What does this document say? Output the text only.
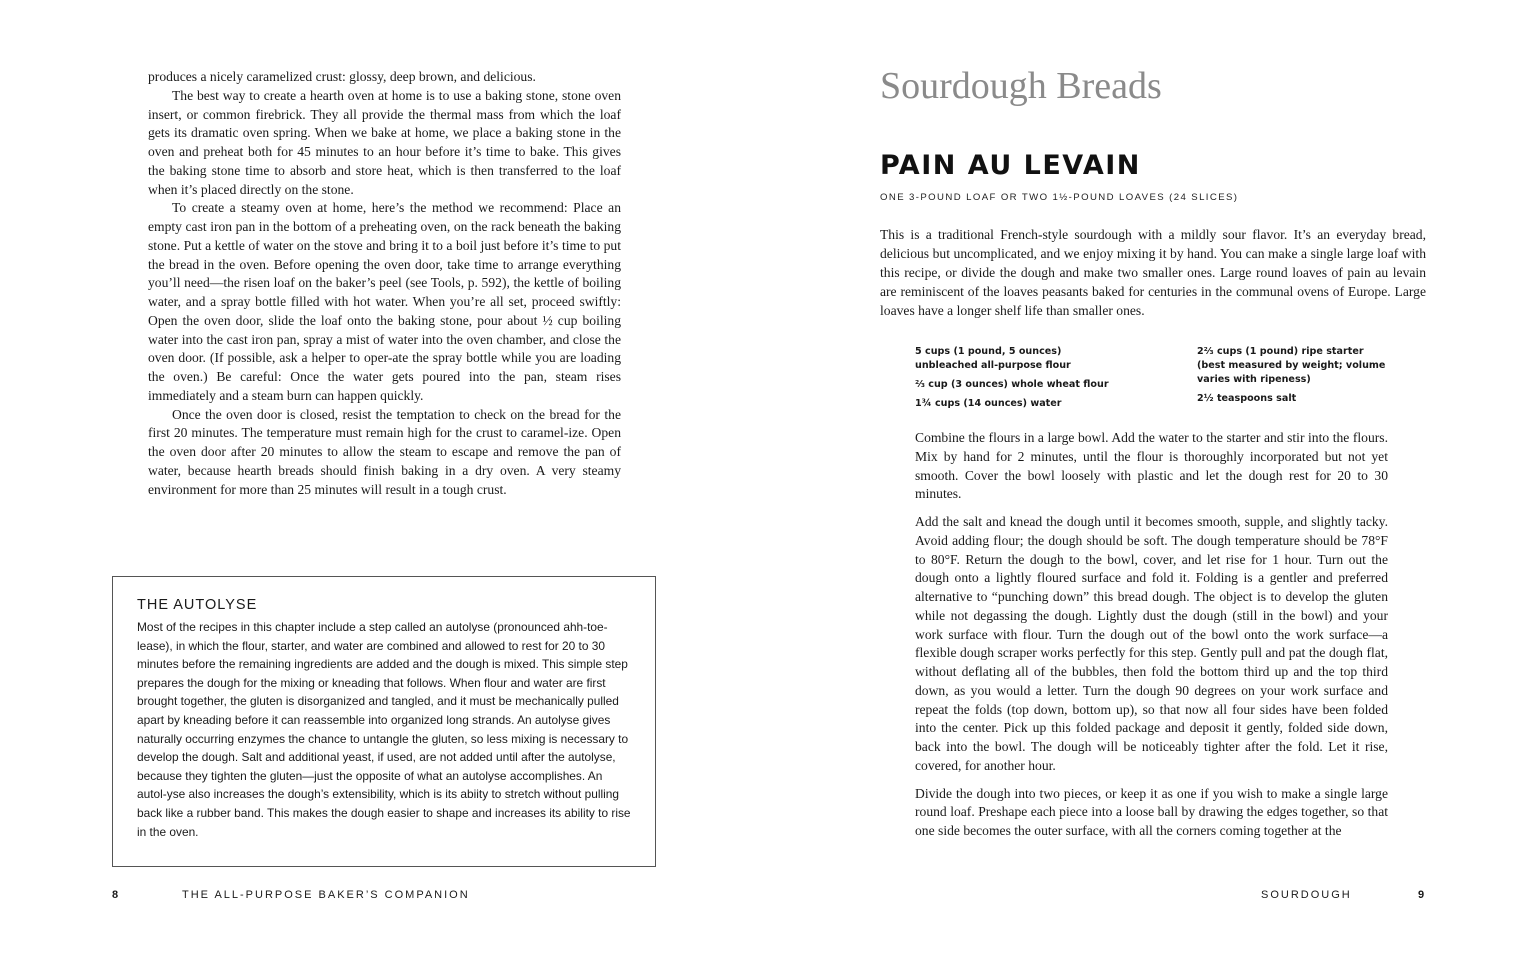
produces a nicely caramelized crust: glossy, deep brown, and delicious.

The best way to create a hearth oven at home is to use a baking stone, stone oven insert, or common firebrick. They all provide the thermal mass from which the loaf gets its dramatic oven spring. When we bake at home, we place a baking stone in the oven and preheat both for 45 minutes to an hour before it’s time to bake. This gives the baking stone time to absorb and store heat, which is then transferred to the loaf when it’s placed directly on the stone.

To create a steamy oven at home, here’s the method we recommend: Place an empty cast iron pan in the bottom of a preheating oven, on the rack beneath the baking stone. Put a kettle of water on the stove and bring it to a boil just before it’s time to put the bread in the oven. Before opening the oven door, take time to arrange everything you’ll need—the risen loaf on the baker’s peel (see Tools, p. 592), the kettle of boiling water, and a spray bottle filled with hot water. When you’re all set, proceed swiftly: Open the oven door, slide the loaf onto the baking stone, pour about ½ cup boiling water into the cast iron pan, spray a mist of water into the oven chamber, and close the oven door. (If possible, ask a helper to oper-ate the spray bottle while you are loading the oven.) Be careful: Once the water gets poured into the pan, steam rises immediately and a steam burn can happen quickly.

Once the oven door is closed, resist the temptation to check on the bread for the first 20 minutes. The temperature must remain high for the crust to caramel-ize. Open the oven door after 20 minutes to allow the steam to escape and remove the pan of water, because hearth breads should finish baking in a dry oven. A very steamy environment for more than 25 minutes will result in a tough crust.

THE AUTOLYSE
Most of the recipes in this chapter include a step called an autolyse (pronounced ahh-toe-lease), in which the flour, starter, and water are combined and allowed to rest for 20 to 30 minutes before the remaining ingredients are added and the dough is mixed. This simple step prepares the dough for the mixing or kneading that follows. When flour and water are first brought together, the gluten is disorganized and tangled, and it must be mechanically pulled apart by kneading before it can reassemble into organized long strands. An autolyse gives naturally occurring enzymes the chance to untangle the gluten, so less mixing is necessary to develop the dough. Salt and additional yeast, if used, are not added until after the autolyse, because they tighten the gluten—just the opposite of what an autolyse accomplishes. An autol-yse also increases the dough’s extensibility, which is its abiity to stretch without pulling back like a rubber band. This makes the dough easier to shape and increases its ability to rise in the oven.
8	THE ALL-PURPOSE BAKER’S COMPANION
Sourdough Breads
PAIN AU LEVAIN
ONE 3-POUND LOAF OR TWO 1½-POUND LOAVES (24 SLICES)
This is a traditional French-style sourdough with a mildly sour flavor. It’s an everyday bread, delicious but uncomplicated, and we enjoy mixing it by hand. You can make a single large loaf with this recipe, or divide the dough and make two smaller ones. Large round loaves of pain au levain are reminiscent of the loaves peasants baked for centuries in the communal ovens of Europe. Large loaves have a longer shelf life than smaller ones.
5 cups (1 pound, 5 ounces) unbleached all-purpose flour
⅔ cup (3 ounces) whole wheat flour
1¾ cups (14 ounces) water
2⅔ cups (1 pound) ripe starter (best measured by weight; volume varies with ripeness)
2½ teaspoons salt

Combine the flours in a large bowl. Add the water to the starter and stir into the flours. Mix by hand for 2 minutes, until the flour is thoroughly incorporated but not yet smooth. Cover the bowl loosely with plastic and let the dough rest for 20 to 30 minutes.

Add the salt and knead the dough until it becomes smooth, supple, and slightly tacky. Avoid adding flour; the dough should be soft. The dough temperature should be 78°F to 80°F. Return the dough to the bowl, cover, and let rise for 1 hour. Turn out the dough onto a lightly floured surface and fold it. Folding is a gentler and preferred alternative to “punching down” this bread dough. The object is to develop the gluten while not degassing the dough. Lightly dust the dough (still in the bowl) and your work surface with flour. Turn the dough out of the bowl onto the work surface—a flexible dough scraper works perfectly for this step. Gently pull and pat the dough flat, without deflating all of the bubbles, then fold the bottom third up and the top third down, as you would a letter. Turn the dough 90 degrees on your work surface and repeat the folds (top down, bottom up), so that now all four sides have been folded into the center. Pick up this folded package and deposit it gently, folded side down, back into the bowl. The dough will be noticeably tighter after the fold. Let it rise, covered, for another hour.

Divide the dough into two pieces, or keep it as one if you wish to make a single large round loaf. Preshape each piece into a loose ball by drawing the edges together, so that one side becomes the outer surface, with all the corners coming together at the

SOURDOUGH	9
